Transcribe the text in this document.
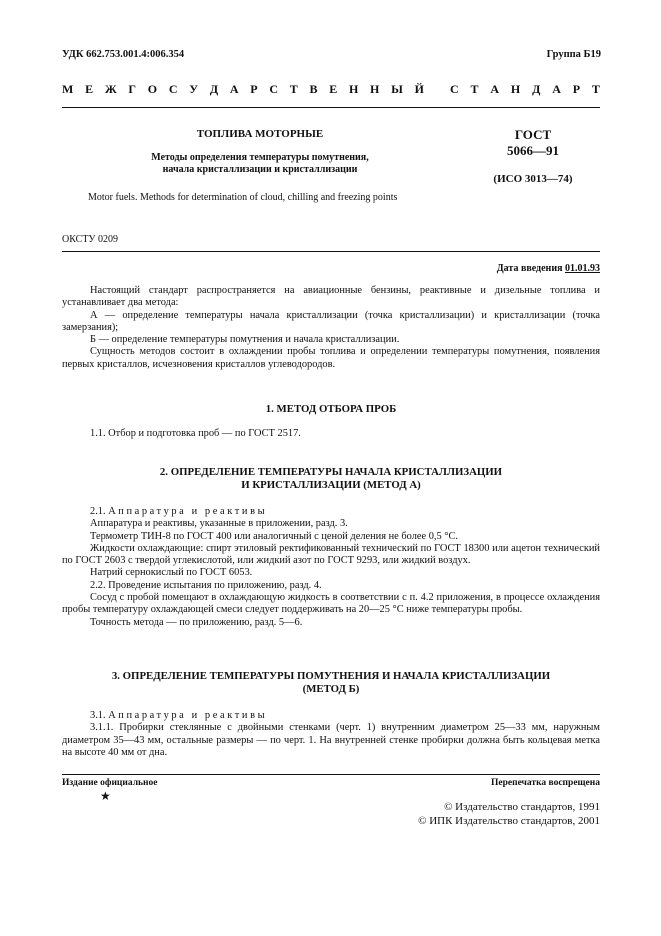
УДК 662.753.001.4:006.354	Группа Б19
М Е Ж Г О С У Д А Р С Т В Е Н Н Ы Й С Т А Н Д А Р Т
ТОПЛИВА МОТОРНЫЕ
Методы определения температуры помутнения,
начала кристаллизации и кристаллизации
Motor fuels. Methods for determination of cloud, chilling and freezing points
ГОСТ
5066—91
(ИСО 3013—74)
ОКСТУ 0209
Дата введения 01.01.93

Настоящий стандарт распространяется на авиационные бензины, реактивные и дизельные топлива и устанавливает два метода:

А — определение температуры начала кристаллизации (точка кристаллизации) и кристаллизации (точка замерзания);

Б — определение температуры помутнения и начала кристаллизации.

Сущность методов состоит в охлаждении пробы топлива и определении температуры помутнения, появления первых кристаллов, исчезновения кристаллов углеводородов.

1. МЕТОД ОТБОРА ПРОБ

1.1. Отбор и подготовка проб — по ГОСТ 2517.

2. ОПРЕДЕЛЕНИЕ ТЕМПЕРАТУРЫ НАЧАЛА КРИСТАЛЛИЗАЦИИ
И КРИСТАЛЛИЗАЦИИ (МЕТОД А)

2.1. Аппаратура и реактивы

Аппаратура и реактивы, указанные в приложении, разд. 3.

Термометр ТИН-8 по ГОСТ 400 или аналогичный с ценой деления не более 0,5 °С.

Жидкости охлаждающие: спирт этиловый ректификованный технический по ГОСТ 18300 или ацетон технический по ГОСТ 2603 с твердой углекислотой, или жидкий азот по ГОСТ 9293, или жидкий воздух.

Натрий сернокислый по ГОСТ 6053.

2.2. Проведение испытания по приложению, разд. 4.

Сосуд с пробой помещают в охлаждающую жидкость в соответствии с п. 4.2 приложения, в процессе охлаждения пробы температуру охлаждающей смеси следует поддерживать на 20—25 °С ниже температуры пробы.

Точность метода — по приложению, разд. 5—6.

3. ОПРЕДЕЛЕНИЕ ТЕМПЕРАТУРЫ ПОМУТНЕНИЯ И НАЧАЛА КРИСТАЛЛИЗАЦИИ
(МЕТОД Б)

3.1. Аппаратура и реактивы

3.1.1. Пробирки стеклянные с двойными стенками (черт. 1) внутренним диаметром 25—33 мм, наружным диаметром 35—43 мм, остальные размеры — по черт. 1. На внутренней стенке пробирки должна быть кольцевая метка на высоте 40 мм от дна.

Издание официальное
★
Перепечатка воспрещена
© Издательство стандартов, 1991
© ИПК Издательство стандартов, 2001
